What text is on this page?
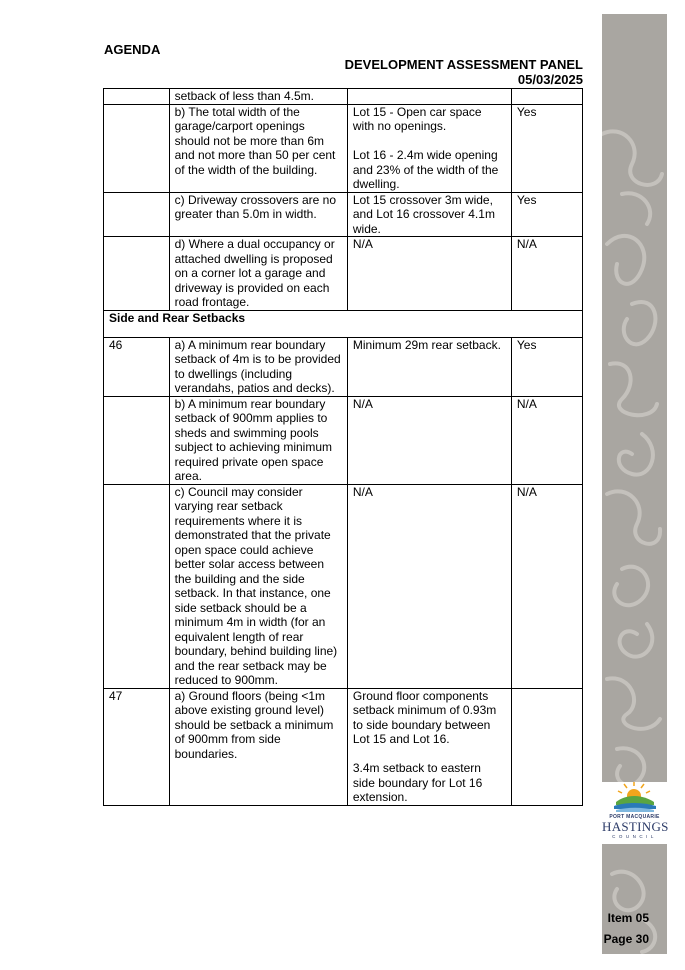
PORT MACQUARIE
HASTINGS
COUNCIL
AGENDA
DEVELOPMENT ASSESSMENT PANEL
05/03/2025
	setback of less than 4.5m.		
	b) The total width of the garage/carport openings should not be more than 6m and not more than 50 per cent of the width of the building.	Lot 15 - Open car space with no openings.

Lot 16 - 2.4m wide opening and 23% of the width of the dwelling.	Yes
	c) Driveway crossovers are no greater than 5.0m in width.	Lot 15 crossover 3m wide, and Lot 16 crossover 4.1m wide.	Yes
	d) Where a dual occupancy or attached dwelling is proposed on a corner lot a garage and driveway is provided on each road frontage.	N/A	N/A
Side and Rear Setbacks			
46	a) A minimum rear boundary setback of 4m is to be provided to dwellings (including verandahs, patios and decks).	Minimum 29m rear setback.	Yes
	b) A minimum rear boundary setback of 900mm applies to sheds and swimming pools subject to achieving minimum required private open space area.	N/A	N/A
	c) Council may consider varying rear setback requirements where it is demonstrated that the private open space could achieve better solar access between the building and the side setback. In that instance, one side setback should be a minimum 4m in width (for an equivalent length of rear boundary, behind building line) and the rear setback may be reduced to 900mm.	N/A	N/A
47	a) Ground floors (being <1m above existing ground level) should be setback a minimum of 900mm from side boundaries.	Ground floor components setback minimum of 0.93m to side boundary between Lot 15 and Lot 16.

3.4m setback to eastern side boundary for Lot 16 extension.	
Item 05
Page 30
